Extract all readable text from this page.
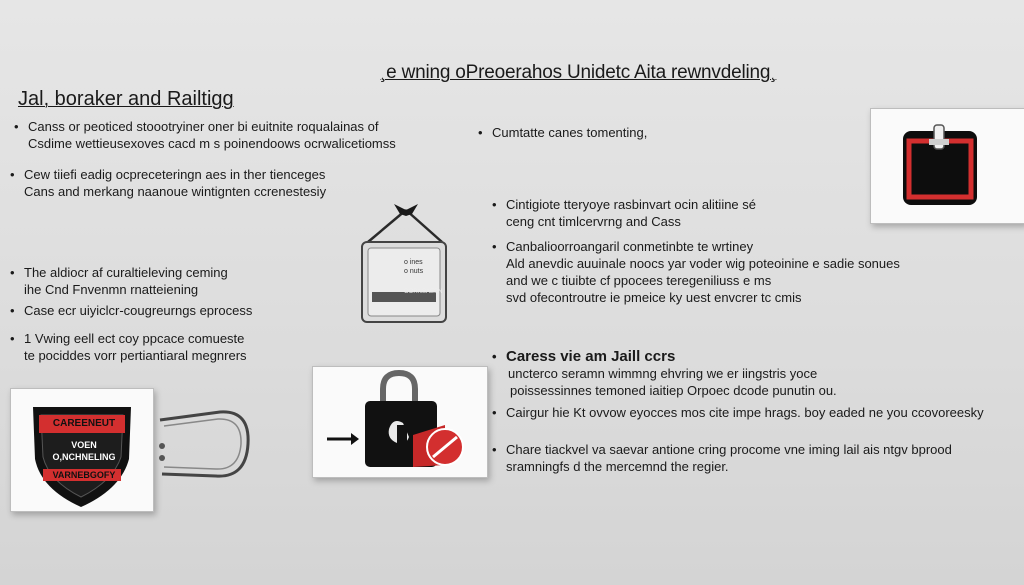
¸e wning oPreoerahos Unidetc Aita rewnvdeling¸
Jal, boraker and Railtigg
• Canss or peoticed stoootryiner oner bi euitnite roqualainas of
Csdime wettieusexoves cacd m s poinendoows ocrwalicetiomss
• Cew tiiefi eadig ocpreceteringn aes in ther tienceges
Cans and merkang naanoue wintignten ccrenestesiy
• The aldiocr af curaltieleving ceming
ihe Cnd Fnvenmn rnatteiening
• Case ecr uiyiclcr-cougreurngs eprocess
• 1 Vwing eell ect coy ppcace comueste
te pociddes vorr pertiantiaral megnrers
• Cumtatte canes tomenting,
• Cintigiote tteryoye rasbinvart ocin alitiine sé
ceng cnt timlcervrng and Cass
• Canbalioorroangaril conmetinbte te wrtiney
Ald anevdic auuinale noocs yar voder wig poteoinine e sadie sonues
and we c tiuibte cf ppocees teregeniliuss e ms
svd ofecontroutre ie pmeice ky uest envcrer tc cmis
• Caress vie am Jaill ccrs
uncterco seramn wimmng ehvring we er iingstris yoce
poissessinnes temoned iaitiep Orpoec dcode punutin ou.
• Cairgur hie Kt ovvow eyocces mos cite impe hrags. boy eaded ne you ccovoreesky
• Chare tiackvel va saevar antione cring procome vne iming lail ais ntgv bprood
sramningfs d the mercemnd the regier.
o ines
o nuts
OORNSAESN
CAREENEUT
VOEN
O,NCHNELING
VARNEBGOFY
